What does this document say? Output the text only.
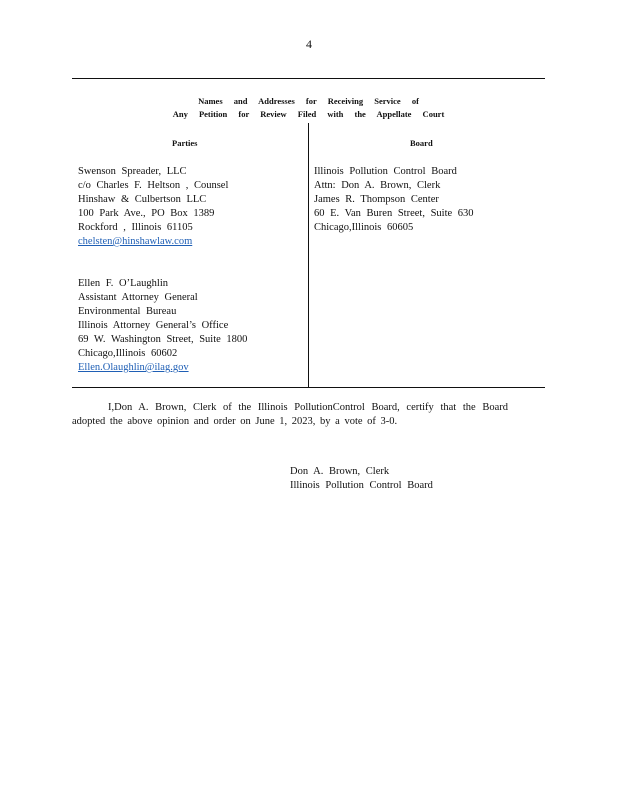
4
Names and Addresses for Receiving Service of
Any Petition for Review Filed with the Appellate Court
Parties	Board
Swenson Spreader, LLC
c/o Charles F. Heltson , Counsel
Hinshaw & Culbertson LLC
100 Park Ave., PO Box 1389
Rockford , Illinois 61105
chelsten@hinshawlaw.com
Ellen F. O’Laughlin
Assistant Attorney General
Environmental Bureau
Illinois Attorney General’s Office
69 W. Washington Street, Suite 1800
Chicago,Illinois 60602
Ellen.Olaughlin@ilag.gov
Illinois Pollution Control Board
Attn: Don A. Brown, Clerk
James R. Thompson Center
60 E. Van Buren Street, Suite 630
Chicago,Illinois 60605
I,Don A. Brown, Clerk of the Illinois PollutionControl Board, certify that the Board adopted the above opinion and order on June 1, 2023, by a vote of 3-0.
Don A. Brown, Clerk
Illinois Pollution Control Board
